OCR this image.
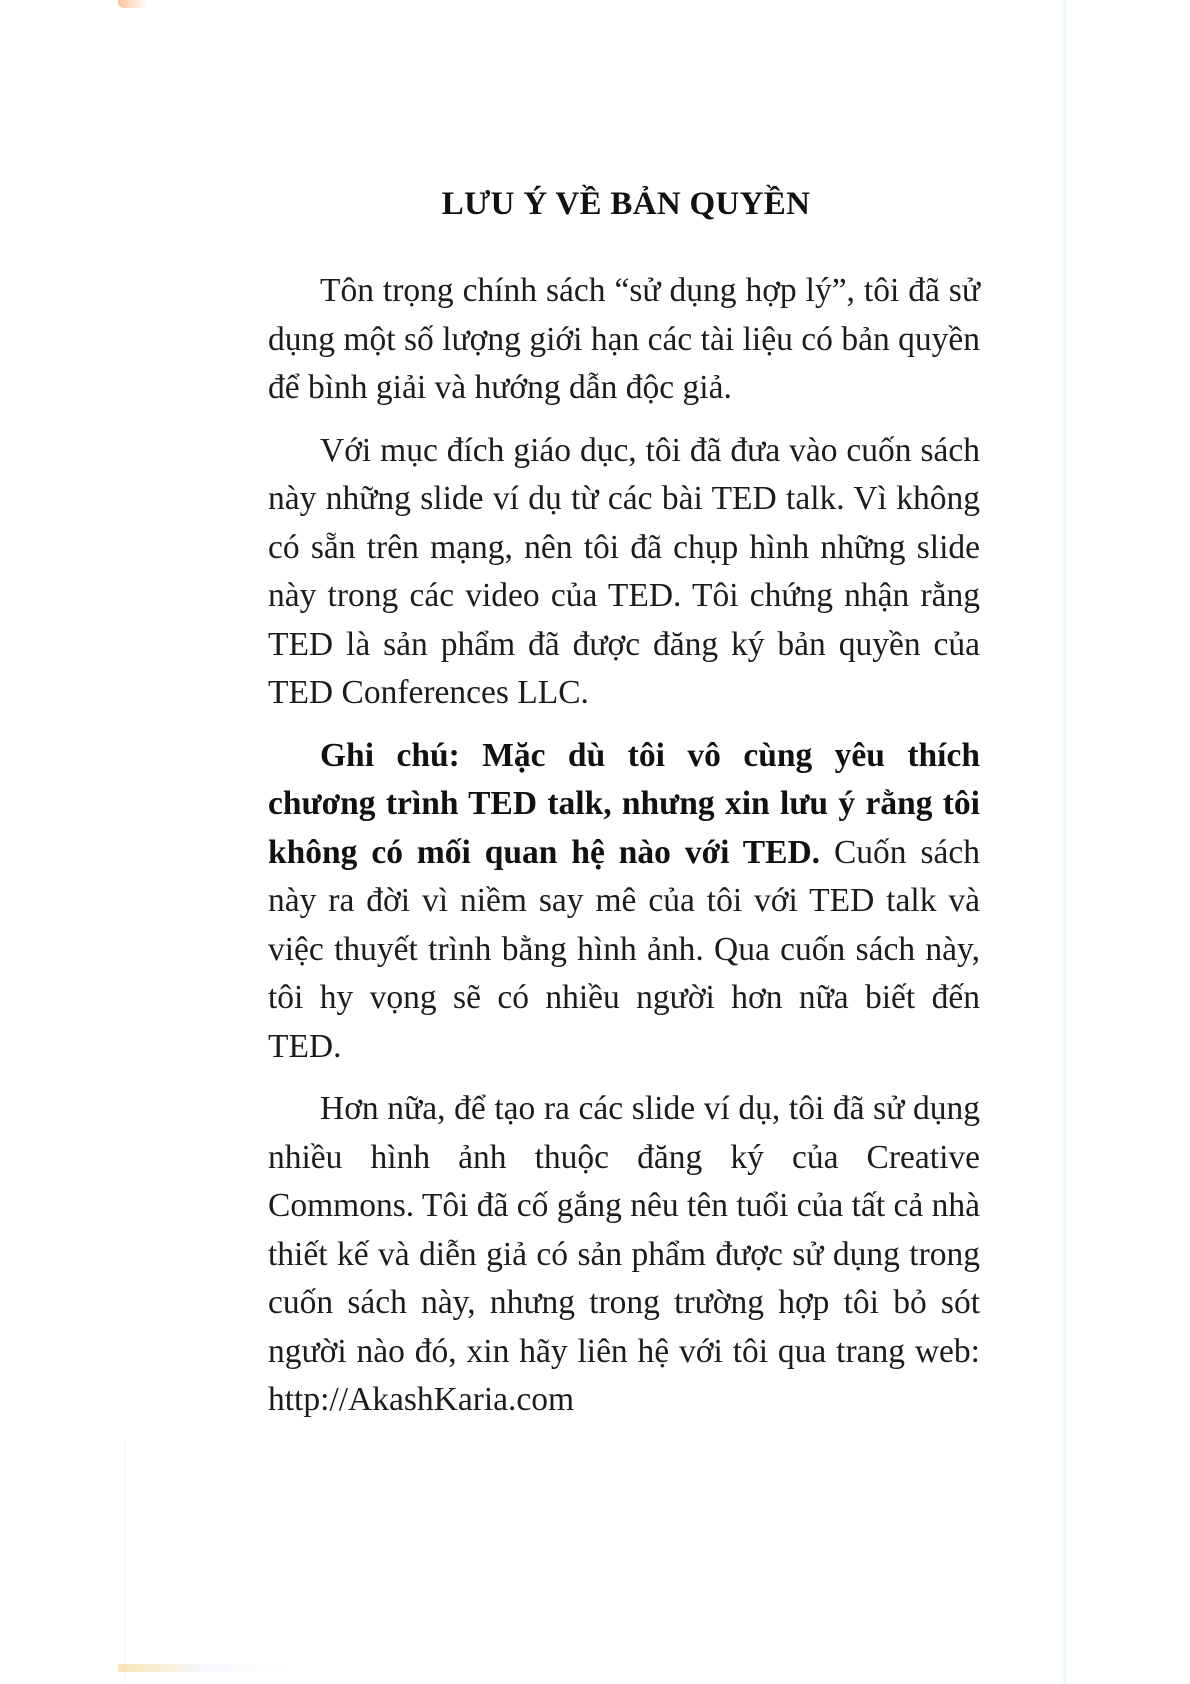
LƯU Ý VỀ BẢN QUYỀN

Tôn trọng chính sách “sử dụng hợp lý”, tôi đã sử dụng một số lượng giới hạn các tài liệu có bản quyền để bình giải và hướng dẫn độc giả.

Với mục đích giáo dục, tôi đã đưa vào cuốn sách này những slide ví dụ từ các bài TED talk. Vì không có sẵn trên mạng, nên tôi đã chụp hình những slide này trong các video của TED. Tôi chứng nhận rằng TED là sản phẩm đã được đăng ký bản quyền của TED Conferences LLC.

Ghi chú: Mặc dù tôi vô cùng yêu thích chương trình TED talk, nhưng xin lưu ý rằng tôi không có mối quan hệ nào với TED. Cuốn sách này ra đời vì niềm say mê của tôi với TED talk và việc thuyết trình bằng hình ảnh. Qua cuốn sách này, tôi hy vọng sẽ có nhiều người hơn nữa biết đến TED.

Hơn nữa, để tạo ra các slide ví dụ, tôi đã sử dụng nhiều hình ảnh thuộc đăng ký của Creative Commons. Tôi đã cố gắng nêu tên tuổi của tất cả nhà thiết kế và diễn giả có sản phẩm được sử dụng trong cuốn sách này, nhưng trong trường hợp tôi bỏ sót người nào đó, xin hãy liên hệ với tôi qua trang web: http://AkashKaria.com
